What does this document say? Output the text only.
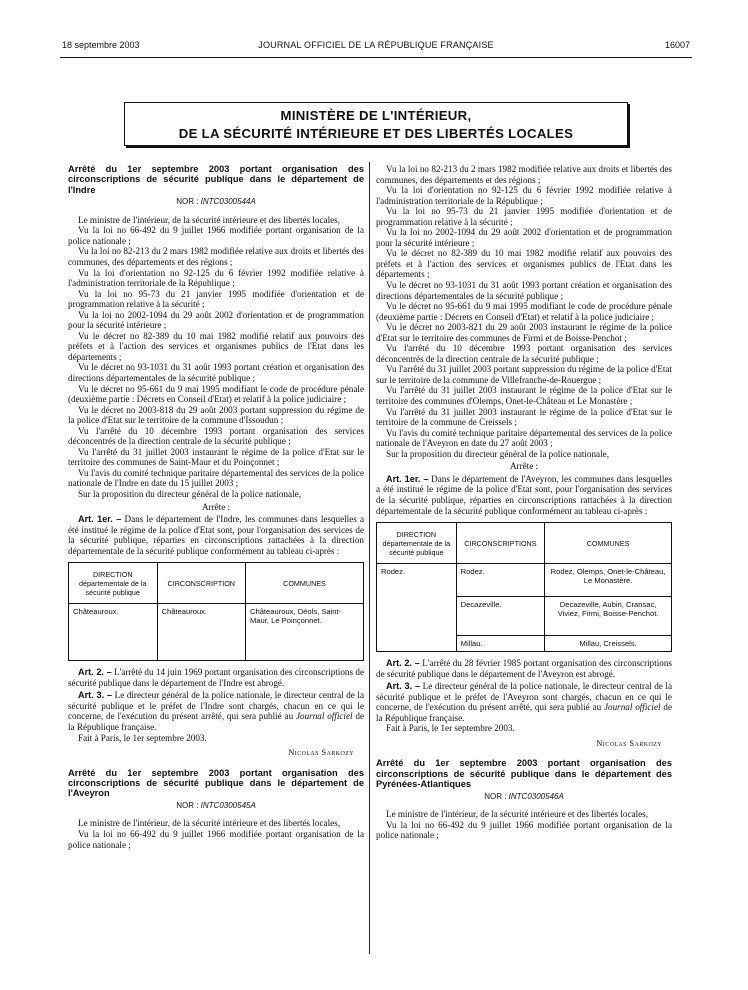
18 septembre 2003	JOURNAL OFFICIEL DE LA RÉPUBLIQUE FRANÇAISE	16007
MINISTÈRE DE L'INTÉRIEUR,
DE LA SÉCURITÉ INTÉRIEURE ET DES LIBERTÉS LOCALES

Arrêté du 1er septembre 2003 portant organisation des circonscriptions de sécurité publique dans le département de l'Indre

NOR : INTC0300544A

Le ministre de l'intérieur, de la sécurité intérieure et des libertés locales,

Vu la loi no 66-492 du 9 juillet 1966 modifiée portant organisation de la police nationale ;

Vu la loi no 82-213 du 2 mars 1982 modifiée relative aux droits et libertés des communes, des départements et des régions ;

Vu la loi d'orientation no 92-125 du 6 février 1992 modifiée relative à l'administration territoriale de la République ;

Vu la loi no 95-73 du 21 janvier 1995 modifiée d'orientation et de programmation relative à la sécurité ;

Vu la loi no 2002-1094 du 29 août 2002 d'orientation et de programmation pour la sécurité intérieure ;

Vu le décret no 82-389 du 10 mai 1982 modifié relatif aux pouvoirs des préfets et à l'action des services et organismes publics de l'Etat dans les départements ;

Vu le décret no 93-1031 du 31 août 1993 portant création et organisation des directions départementales de la sécurité publique ;

Vu le décret no 95-661 du 9 mai 1995 modifiant le code de procédure pénale (deuxième partie : Décrets en Conseil d'Etat) et relatif à la police judiciaire ;

Vu le décret no 2003-818 du 29 août 2003 portant suppression du régime de la police d'Etat sur le territoire de la commune d'Issoudun ;

Vu l'arrêté du 10 décembre 1993 portant organisation des services déconcentrés de la direction centrale de la sécurité publique ;

Vu l'arrêté du 31 juillet 2003 instaurant le régime de la police d'Etat sur le territoire des communes de Saint-Maur et du Poinçonnet ;

Vu l'avis du comité technique paritaire départemental des services de la police nationale de l'Indre en date du 15 juillet 2003 ;

Sur la proposition du directeur général de la police nationale,

Arrête :

Art. 1er. – Dans le département de l'Indre, les communes dans lesquelles a été institué le régime de la police d'Etat sont, pour l'organisation des services de la sécurité publique, réparties en circonscriptions rattachées à la direction départementale de la sécurité publique conformément au tableau ci-après :

DIRECTION départementale de la sécurité publique	CIRCONSCRIPTION	COMMUNES
Châteauroux.	Châteauroux.	Châteauroux, Déols, Saint-Maur, Le Poinçonnet.

Art. 2. – L'arrêté du 14 juin 1969 portant organisation des circonscriptions de sécurité publique dans le département de l'Indre est abrogé.

Art. 3. – Le directeur général de la police nationale, le directeur central de la sécurité publique et le préfet de l'Indre sont chargés, chacun en ce qui le concerne, de l'exécution du présent arrêté, qui sera publié au Journal officiel de la République française.

Fait à Paris, le 1er septembre 2003.

Nicolas Sarkozy

Arrêté du 1er septembre 2003 portant organisation des circonscriptions de sécurité publique dans le département de l'Aveyron

NOR : INTC0300545A

Le ministre de l'intérieur, de la sécurité intérieure et des libertés locales,

Vu la loi no 66-492 du 9 juillet 1966 modifiée portant organisation de la police nationale ;

Vu la loi no 82-213 du 2 mars 1982 modifiée relative aux droits et libertés des communes, des départements et des régions ;

Vu la loi d'orientation no 92-125 du 6 février 1992 modifiée relative à l'administration territoriale de la République ;

Vu la loi no 95-73 du 21 janvier 1995 modifiée d'orientation et de programmation relative à la sécurité ;

Vu la loi no 2002-1094 du 29 août 2002 d'orientation et de programmation pour la sécurité intérieure ;

Vu le décret no 82-389 du 10 mai 1982 modifié relatif aux pouvoirs des préfets et à l'action des services et organismes publics de l'Etat dans les départements ;

Vu le décret no 93-1031 du 31 août 1993 portant création et organisation des directions départementales de la sécurité publique ;

Vu le décret no 95-661 du 9 mai 1995 modifiant le code de procédure pénale (deuxième partie : Décrets en Conseil d'Etat) et relatif à la police judiciaire ;

Vu le décret no 2003-821 du 29 août 2003 instaurant le régime de la police d'Etat sur le territoire des communes de Firmi et de Boisse-Penchot ;

Vu l'arrêté du 10 décembre 1993 portant organisation des services déconcentrés de la direction centrale de la sécurité publique ;

Vu l'arrêté du 31 juillet 2003 portant suppression du régime de la police d'Etat sur le territoire de la commune de Villefranche-de-Rouergue ;

Vu l'arrêté du 31 juillet 2003 instaurant le régime de la police d'Etat sur le territoire des communes d'Olemps, Onet-le-Château et Le Monastère ;

Vu l'arrêté du 31 juillet 2003 instaurant le régime de la police d'Etat sur le territoire de la commune de Creissels ;

Vu l'avis du comité technique paritaire départemental des services de la police nationale de l'Aveyron en date du 27 août 2003 ;

Sur la proposition du directeur général de la police nationale,

Arrête :

Art. 1er. – Dans le département de l'Aveyron, les communes dans lesquelles a été institué le régime de la police d'Etat sont, pour l'organisation des services de la sécurité publique, réparties en circonscriptions rattachées à la direction départementale de la sécurité publique conformément au tableau ci-après :

DIRECTION départementale de la sécurité publique	CIRCONSCRIPTIONS	COMMUNES
Rodez.	Rodez.	Rodez, Olemps, Onet-le-Château, Le Monastère.
	Decazeville.	Decazeville, Aubin, Cransac, Viviez, Firmi, Boisse-Penchot.
	Millau.	Millau, Creissels.

Art. 2. – L'arrêté du 28 février 1985 portant organisation des circonscriptions de sécurité publique dans le département de l'Aveyron est abrogé.

Art. 3. – Le directeur général de la police nationale, le directeur central de la sécurité publique et le préfet de l'Aveyron sont chargés, chacun en ce qui le concerne, de l'exécution du présent arrêté, qui sera publié au Journal officiel de la République française.

Fait à Paris, le 1er septembre 2003.

Nicolas Sarkozy

Arrêté du 1er septembre 2003 portant organisation des circonscriptions de sécurité publique dans le département des Pyrénées-Atlantiques

NOR : INTC0300546A

Le ministre de l'intérieur, de la sécurité intérieure et des libertés locales,

Vu la loi no 66-492 du 9 juillet 1966 modifiée portant organisation de la police nationale ;
